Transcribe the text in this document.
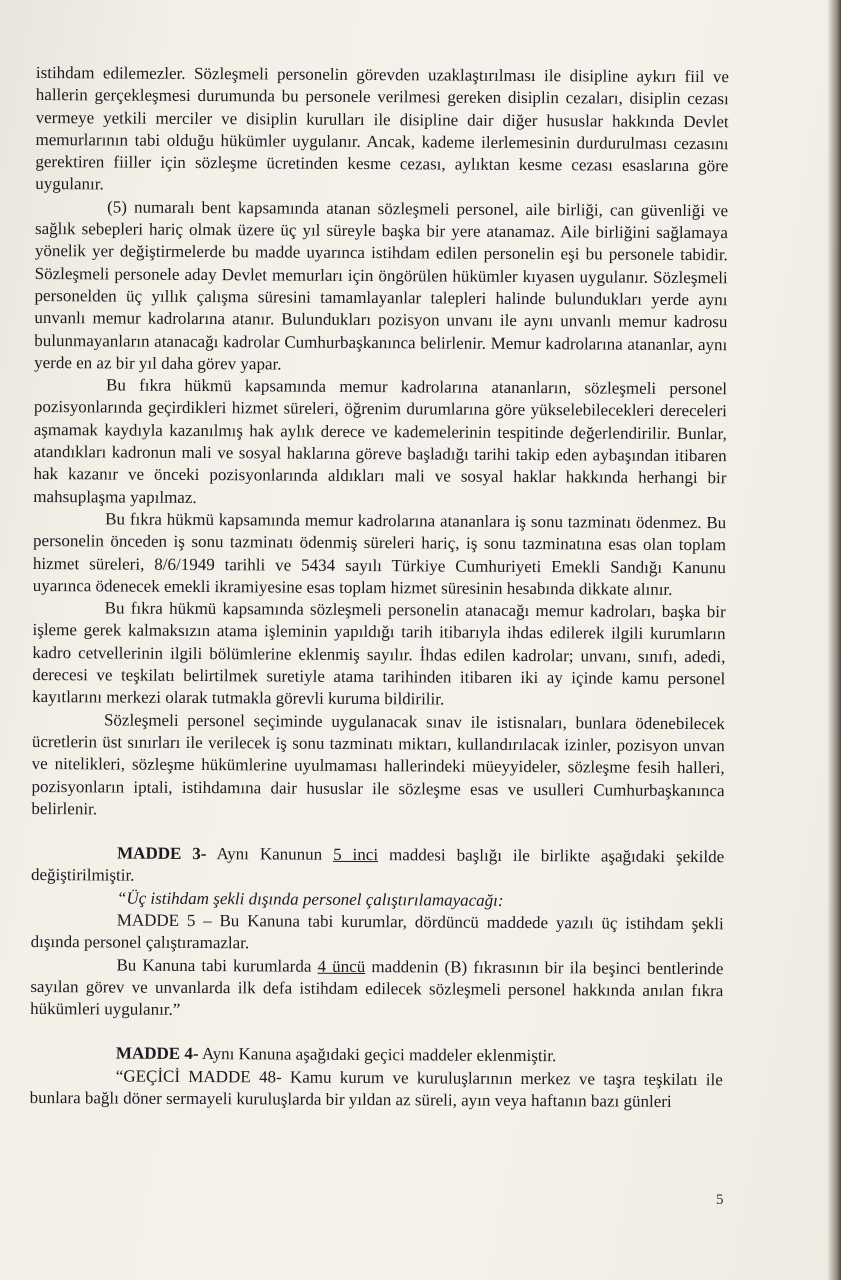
istihdam edilemezler. Sözleşmeli personelin görevden uzaklaştırılması ile disipline aykırı fiil ve hallerin gerçekleşmesi durumunda bu personele verilmesi gereken disiplin cezaları, disiplin cezası vermeye yetkili merciler ve disiplin kurulları ile disipline dair diğer hususlar hakkında Devlet memurlarının tabi olduğu hükümler uygulanır. Ancak, kademe ilerlemesinin durdurulması cezasını gerektiren fiiller için sözleşme ücretinden kesme cezası, aylıktan kesme cezası esaslarına göre uygulanır.

(5) numaralı bent kapsamında atanan sözleşmeli personel, aile birliği, can güvenliği ve sağlık sebepleri hariç olmak üzere üç yıl süreyle başka bir yere atanamaz. Aile birliğini sağlamaya yönelik yer değiştirmelerde bu madde uyarınca istihdam edilen personelin eşi bu personele tabidir. Sözleşmeli personele aday Devlet memurları için öngörülen hükümler kıyasen uygulanır. Sözleşmeli personelden üç yıllık çalışma süresini tamamlayanlar talepleri halinde bulundukları yerde aynı unvanlı memur kadrolarına atanır. Bulundukları pozisyon unvanı ile aynı unvanlı memur kadrosu bulunmayanların atanacağı kadrolar Cumhurbaşkanınca belirlenir. Memur kadrolarına atananlar, aynı yerde en az bir yıl daha görev yapar.

Bu fıkra hükmü kapsamında memur kadrolarına atananların, sözleşmeli personel pozisyonlarında geçirdikleri hizmet süreleri, öğrenim durumlarına göre yükselebilecekleri dereceleri aşmamak kaydıyla kazanılmış hak aylık derece ve kademelerinin tespitinde değerlendirilir. Bunlar, atandıkları kadronun mali ve sosyal haklarına göreve başladığı tarihi takip eden aybaşından itibaren hak kazanır ve önceki pozisyonlarında aldıkları mali ve sosyal haklar hakkında herhangi bir mahsuplaşma yapılmaz.

Bu fıkra hükmü kapsamında memur kadrolarına atananlara iş sonu tazminatı ödenmez. Bu personelin önceden iş sonu tazminatı ödenmiş süreleri hariç, iş sonu tazminatına esas olan toplam hizmet süreleri, 8/6/1949 tarihli ve 5434 sayılı Türkiye Cumhuriyeti Emekli Sandığı Kanunu uyarınca ödenecek emekli ikramiyesine esas toplam hizmet süresinin hesabında dikkate alınır.

Bu fıkra hükmü kapsamında sözleşmeli personelin atanacağı memur kadroları, başka bir işleme gerek kalmaksızın atama işleminin yapıldığı tarih itibarıyla ihdas edilerek ilgili kurumların kadro cetvellerinin ilgili bölümlerine eklenmiş sayılır. İhdas edilen kadrolar; unvanı, sınıfı, adedi, derecesi ve teşkilatı belirtilmek suretiyle atama tarihinden itibaren iki ay içinde kamu personel kayıtlarını merkezi olarak tutmakla görevli kuruma bildirilir.

Sözleşmeli personel seçiminde uygulanacak sınav ile istisnaları, bunlara ödenebilecek ücretlerin üst sınırları ile verilecek iş sonu tazminatı miktarı, kullandırılacak izinler, pozisyon unvan ve nitelikleri, sözleşme hükümlerine uyulmaması hallerindeki müeyyideler, sözleşme fesih halleri, pozisyonların iptali, istihdamına dair hususlar ile sözleşme esas ve usulleri Cumhurbaşkanınca belirlenir.

MADDE 3- Aynı Kanunun 5 inci maddesi başlığı ile birlikte aşağıdaki şekilde değiştirilmiştir.

“Üç istihdam şekli dışında personel çalıştırılamayacağı:

MADDE 5 – Bu Kanuna tabi kurumlar, dördüncü maddede yazılı üç istihdam şekli dışında personel çalıştıramazlar.

Bu Kanuna tabi kurumlarda 4 üncü maddenin (B) fıkrasının bir ila beşinci bentlerinde sayılan görev ve unvanlarda ilk defa istihdam edilecek sözleşmeli personel hakkında anılan fıkra hükümleri uygulanır.”

MADDE 4- Aynı Kanuna aşağıdaki geçici maddeler eklenmiştir.

“GEÇİCİ MADDE 48- Kamu kurum ve kuruluşlarının merkez ve taşra teşkilatı ile bunlara bağlı döner sermayeli kuruluşlarda bir yıldan az süreli, ayın veya haftanın bazı günleri

5
